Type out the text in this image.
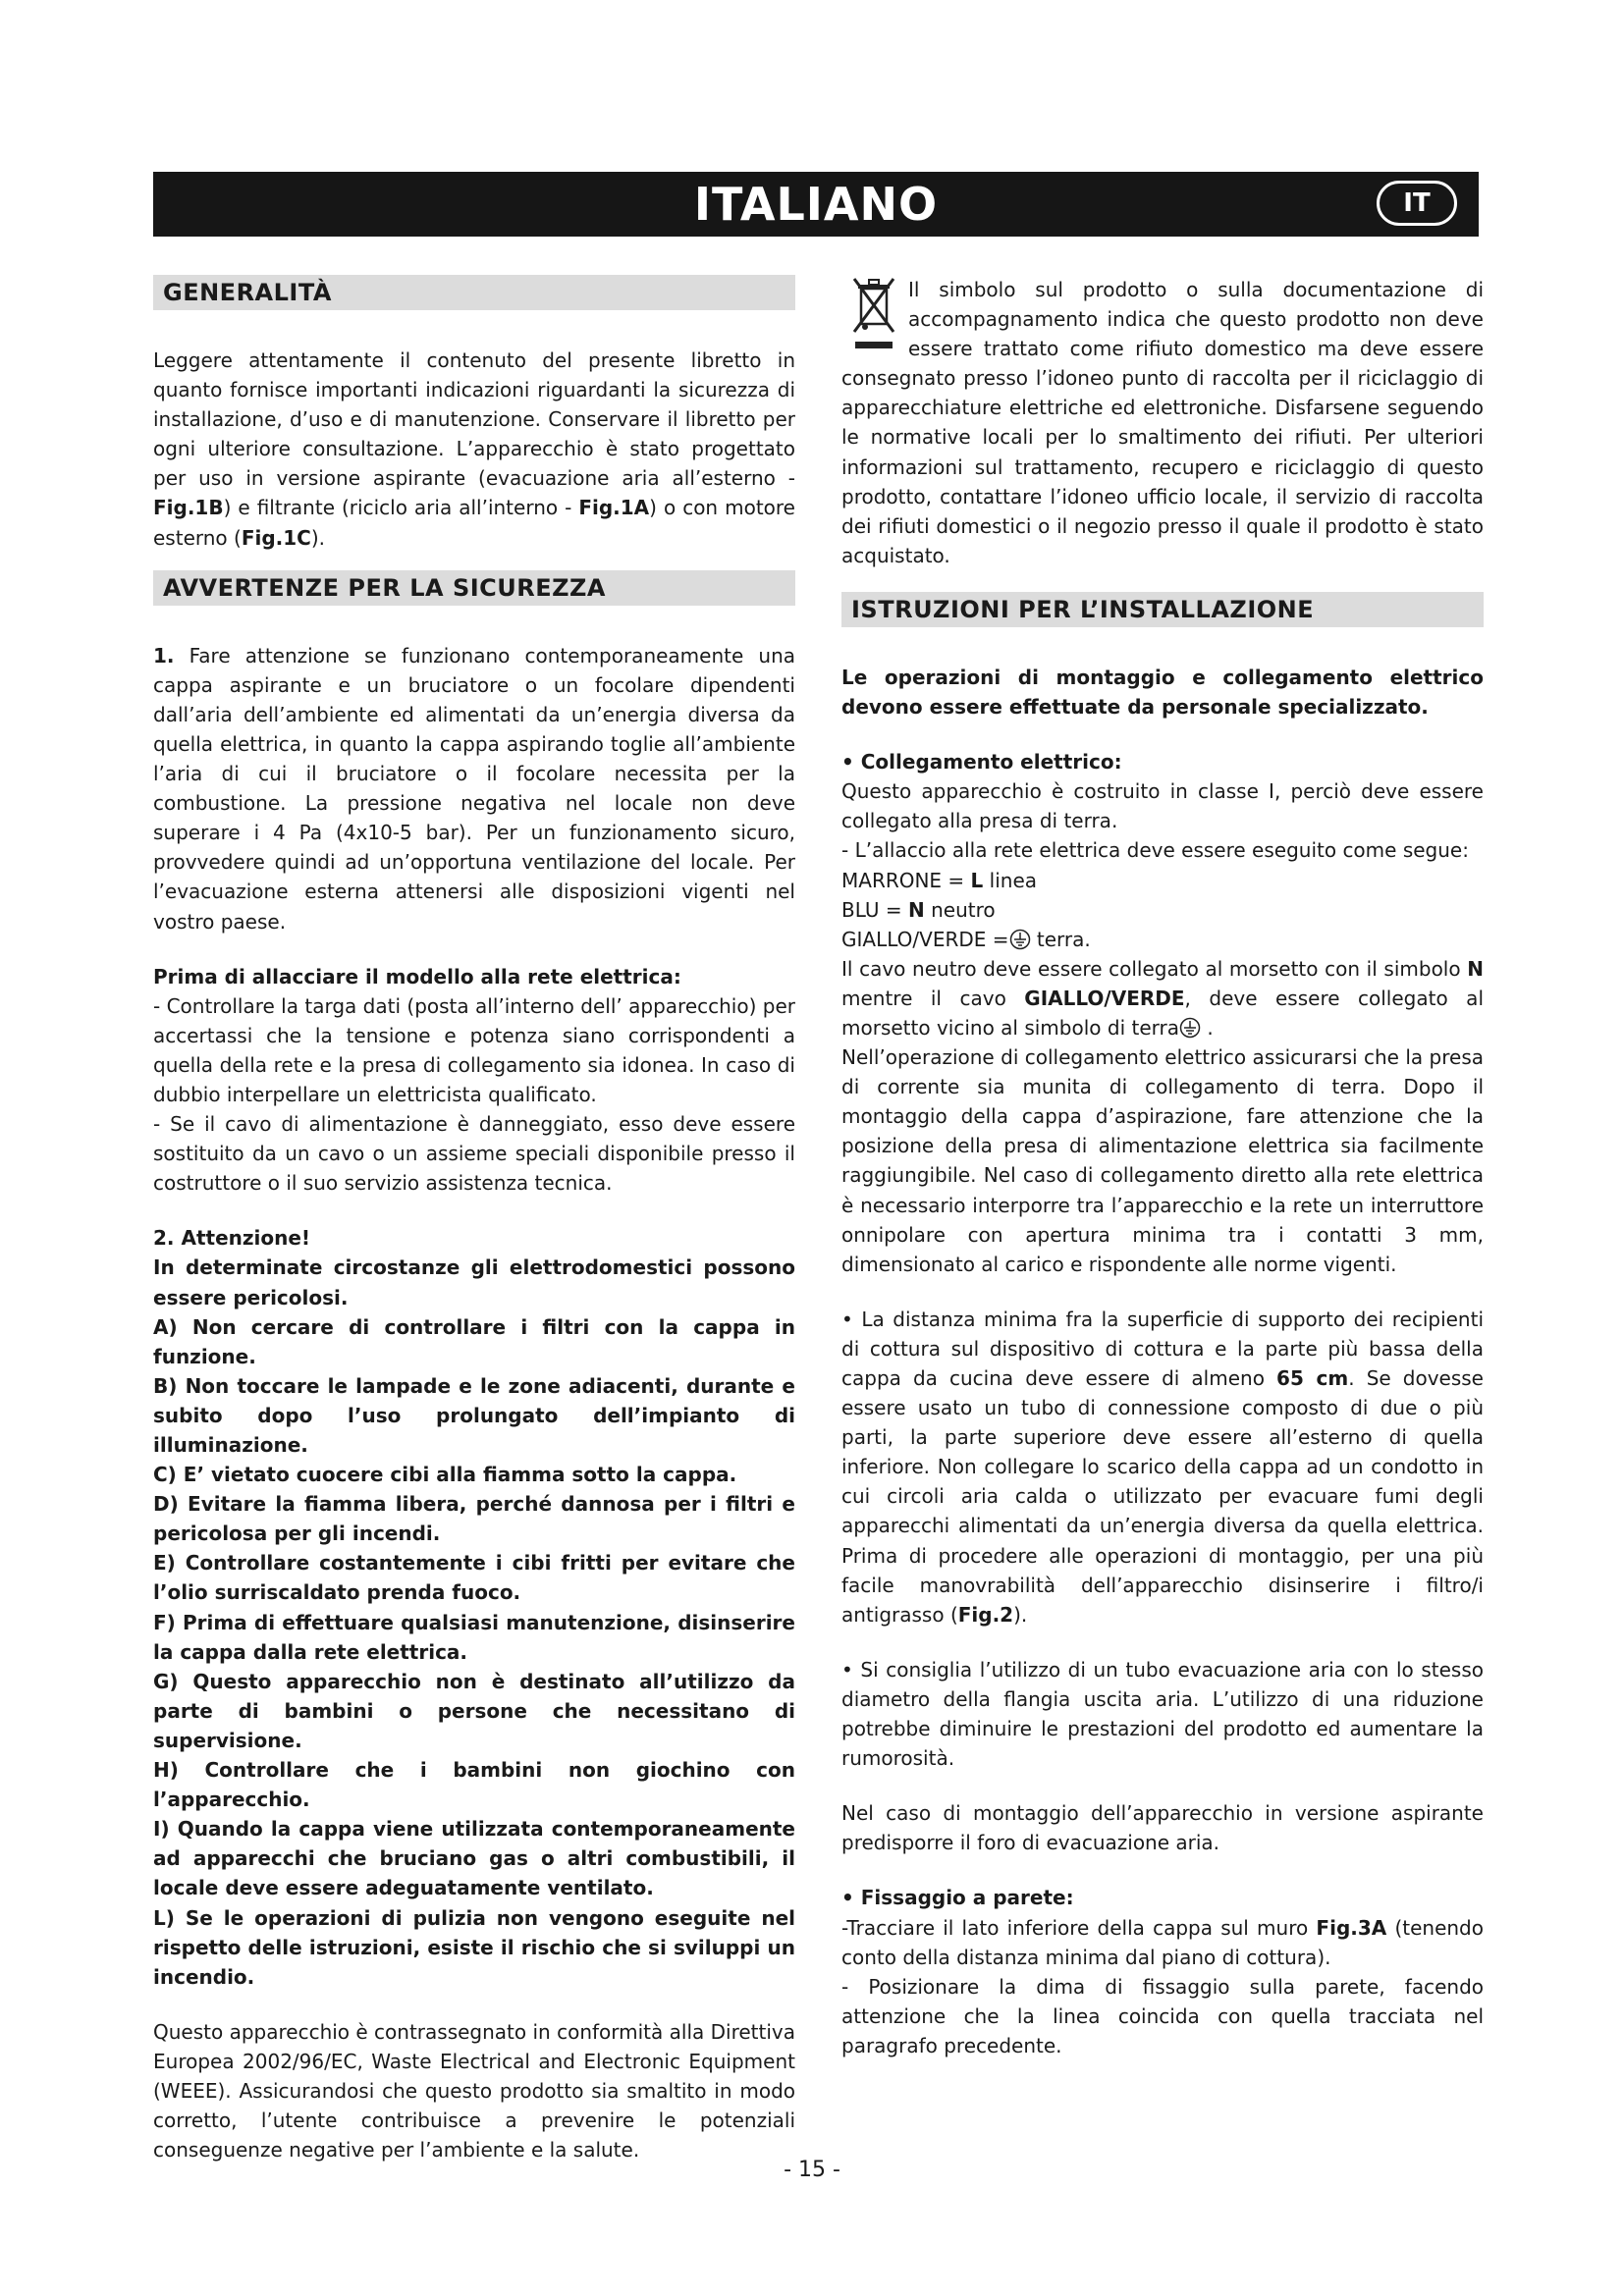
ITALIANO	IT
GENERALITÀ

Leggere attentamente il contenuto del presente libretto in quanto fornisce importanti indicazioni riguardanti la sicurezza di installazione, d’uso e di manutenzione. Conservare il libretto per ogni ulteriore consultazione. L’apparecchio è stato progettato per uso in versione aspirante (evacuazione aria all’esterno - Fig.1B) e filtrante (riciclo aria all’interno - Fig.1A) o con motore esterno (Fig.1C).

AVVERTENZE PER LA SICUREZZA

1. Fare attenzione se funzionano contemporaneamente una cappa aspirante e un bruciatore o un focolare dipendenti dall’aria dell’ambiente ed alimentati da un’energia diversa da quella elettrica, in quanto la cappa aspirando toglie all’ambiente l’aria di cui il bruciatore o il focolare necessita per la combustione. La pressione negativa nel locale non deve superare i 4 Pa (4x10-5 bar). Per un funzionamento sicuro, provvedere quindi ad un’opportuna ventilazione del locale. Per l’evacuazione esterna attenersi alle disposizioni vigenti nel vostro paese.

Prima di allacciare il modello alla rete elettrica:

- Controllare la targa dati (posta all’interno dell’ apparecchio) per accertassi che la tensione e potenza siano corrispondenti a quella della rete e la presa di collegamento sia idonea. In caso di dubbio interpellare un elettricista qualificato.

- Se il cavo di alimentazione è danneggiato, esso deve essere sostituito da un cavo o un assieme speciali disponibile presso il costruttore o il suo servizio assistenza tecnica.

2. Attenzione!

In determinate circostanze gli elettrodomestici possono essere pericolosi.

A) Non cercare di controllare i filtri con la cappa in funzione.

B) Non toccare le lampade e le zone adiacenti, durante e subito dopo l’uso prolungato dell’impianto di illuminazione.

C) E’ vietato cuocere cibi alla fiamma sotto la cappa.

D) Evitare la fiamma libera, perché dannosa per i filtri e pericolosa per gli incendi.

E) Controllare costantemente i cibi fritti per evitare che l’olio surriscaldato prenda fuoco.

F) Prima di effettuare qualsiasi manutenzione, disinserire la cappa dalla rete elettrica.

G) Questo apparecchio non è destinato all’utilizzo da parte di bambini o persone che necessitano di supervisione.

H) Controllare che i bambini non giochino con l’apparecchio.

I) Quando la cappa viene utilizzata contemporaneamente ad apparecchi che bruciano gas o altri combustibili, il locale deve essere adeguatamente ventilato.

L) Se le operazioni di pulizia non vengono eseguite nel rispetto delle istruzioni, esiste il rischio che si sviluppi un incendio.

Questo apparecchio è contrassegnato in conformità alla Direttiva Europea 2002/96/EC, Waste Electrical and Electronic Equipment (WEEE). Assicurandosi che questo prodotto sia smaltito in modo corretto, l’utente contribuisce a prevenire le potenziali conseguenze negative per l’ambiente e la salute.

Il simbolo sul prodotto o sulla documentazione di accompagnamento indica che questo prodotto non deve essere trattato come rifiuto domestico ma deve essere consegnato presso l’idoneo punto di raccolta per il riciclaggio di apparecchiature elettriche ed elettroniche. Disfarsene seguendo le normative locali per lo smaltimento dei rifiuti. Per ulteriori informazioni sul trattamento, recupero e riciclaggio di questo prodotto, contattare l’idoneo ufficio locale, il servizio di raccolta dei rifiuti domestici o il negozio presso il quale il prodotto è stato acquistato.

ISTRUZIONI PER L’INSTALLAZIONE

Le operazioni di montaggio e collegamento elettrico devono essere effettuate da personale specializzato.

• Collegamento elettrico:

Questo apparecchio è costruito in classe I, perciò deve essere collegato alla presa di terra.

- L’allaccio alla rete elettrica deve essere eseguito come segue:

MARRONE = L linea

BLU = N neutro

GIALLO/VERDE = terra.

Il cavo neutro deve essere collegato al morsetto con il simbolo N mentre il cavo GIALLO/VERDE, deve essere collegato al morsetto vicino al simbolo di terra .

Nell’operazione di collegamento elettrico assicurarsi che la presa di corrente sia munita di collegamento di terra. Dopo il montaggio della cappa d’aspirazione, fare attenzione che la posizione della presa di alimentazione elettrica sia facilmente raggiungibile. Nel caso di collegamento diretto alla rete elettrica è necessario interporre tra l’apparecchio e la rete un interruttore onnipolare con apertura minima tra i contatti 3 mm, dimensionato al carico e rispondente alle norme vigenti.

• La distanza minima fra la superficie di supporto dei recipienti di cottura sul dispositivo di cottura e la parte più bassa della cappa da cucina deve essere di almeno 65 cm. Se dovesse essere usato un tubo di connessione composto di due o più parti, la parte superiore deve essere all’esterno di quella inferiore. Non collegare lo scarico della cappa ad un condotto in cui circoli aria calda o utilizzato per evacuare fumi degli apparecchi alimentati da un’energia diversa da quella elettrica. Prima di procedere alle operazioni di montaggio, per una più facile manovrabilità dell’apparecchio disinserire i filtro/i antigrasso (Fig.2).

• Si consiglia l’utilizzo di un tubo evacuazione aria con lo stesso diametro della flangia uscita aria. L’utilizzo di una riduzione potrebbe diminuire le prestazioni del prodotto ed aumentare la rumorosità.

Nel caso di montaggio dell’apparecchio in versione aspirante predisporre il foro di evacuazione aria.

• Fissaggio a parete:

-Tracciare il lato inferiore della cappa sul muro Fig.3A (tenendo conto della distanza minima dal piano di cottura).

- Posizionare la dima di fissaggio sulla parete, facendo attenzione che la linea coincida con quella tracciata nel paragrafo precedente.

- 15 -
